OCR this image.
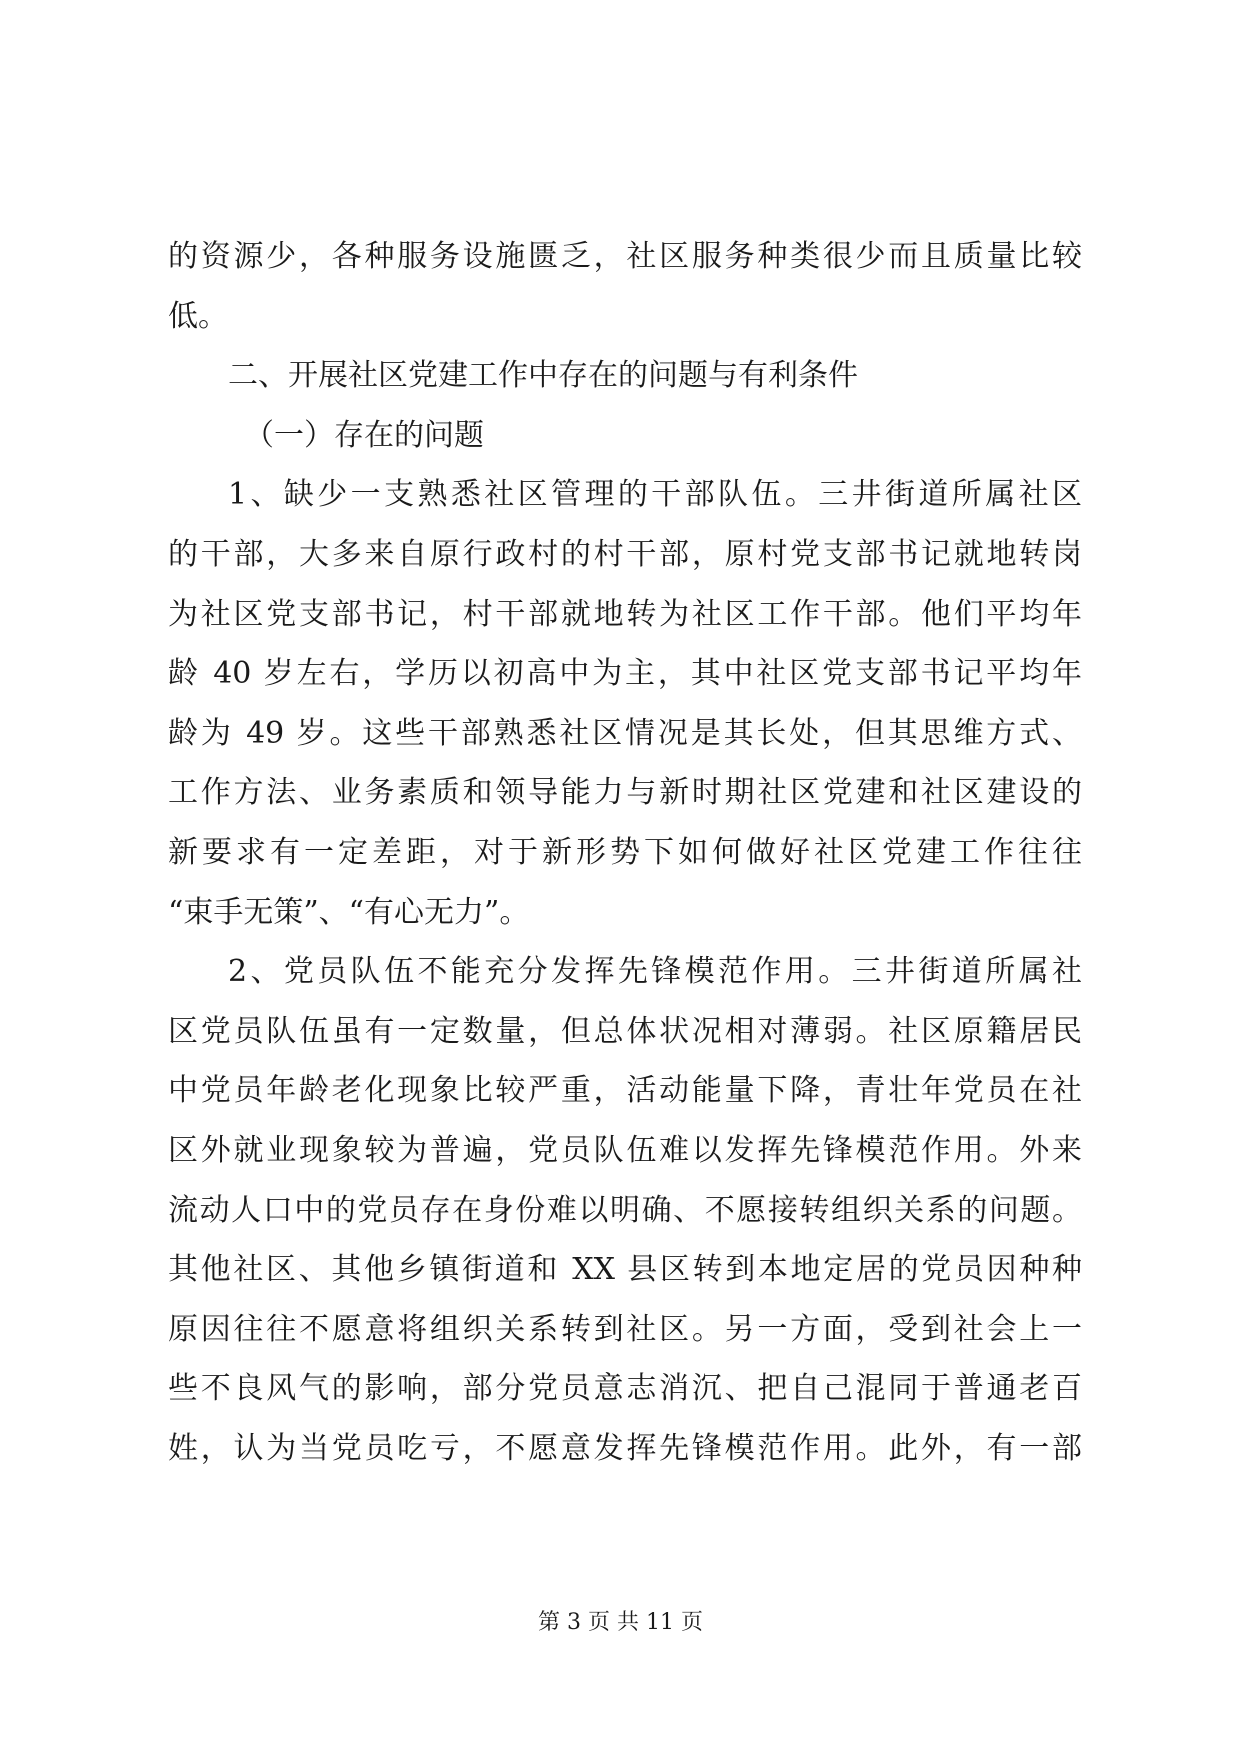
的资源少，各种服务设施匮乏，社区服务种类很少而且质量比较
低。
二、开展社区党建工作中存在的问题与有利条件
（一）存在的问题
1、缺少一支熟悉社区管理的干部队伍。三井街道所属社区
的干部，大多来自原行政村的村干部，原村党支部书记就地转岗
为社区党支部书记，村干部就地转为社区工作干部。他们平均年
龄 40 岁左右，学历以初高中为主，其中社区党支部书记平均年
龄为 49 岁。这些干部熟悉社区情况是其长处，但其思维方式、
工作方法、业务素质和领导能力与新时期社区党建和社区建设的
新要求有一定差距，对于新形势下如何做好社区党建工作往往
“束手无策”、“有心无力”。
2、党员队伍不能充分发挥先锋模范作用。三井街道所属社
区党员队伍虽有一定数量，但总体状况相对薄弱。社区原籍居民
中党员年龄老化现象比较严重，活动能量下降，青壮年党员在社
区外就业现象较为普遍，党员队伍难以发挥先锋模范作用。外来
流动人口中的党员存在身份难以明确、不愿接转组织关系的问题。
其他社区、其他乡镇街道和 XX 县区转到本地定居的党员因种种
原因往往不愿意将组织关系转到社区。另一方面，受到社会上一
些不良风气的影响，部分党员意志消沉、把自己混同于普通老百
姓，认为当党员吃亏，不愿意发挥先锋模范作用。此外，有一部
第 3 页 共 11 页
